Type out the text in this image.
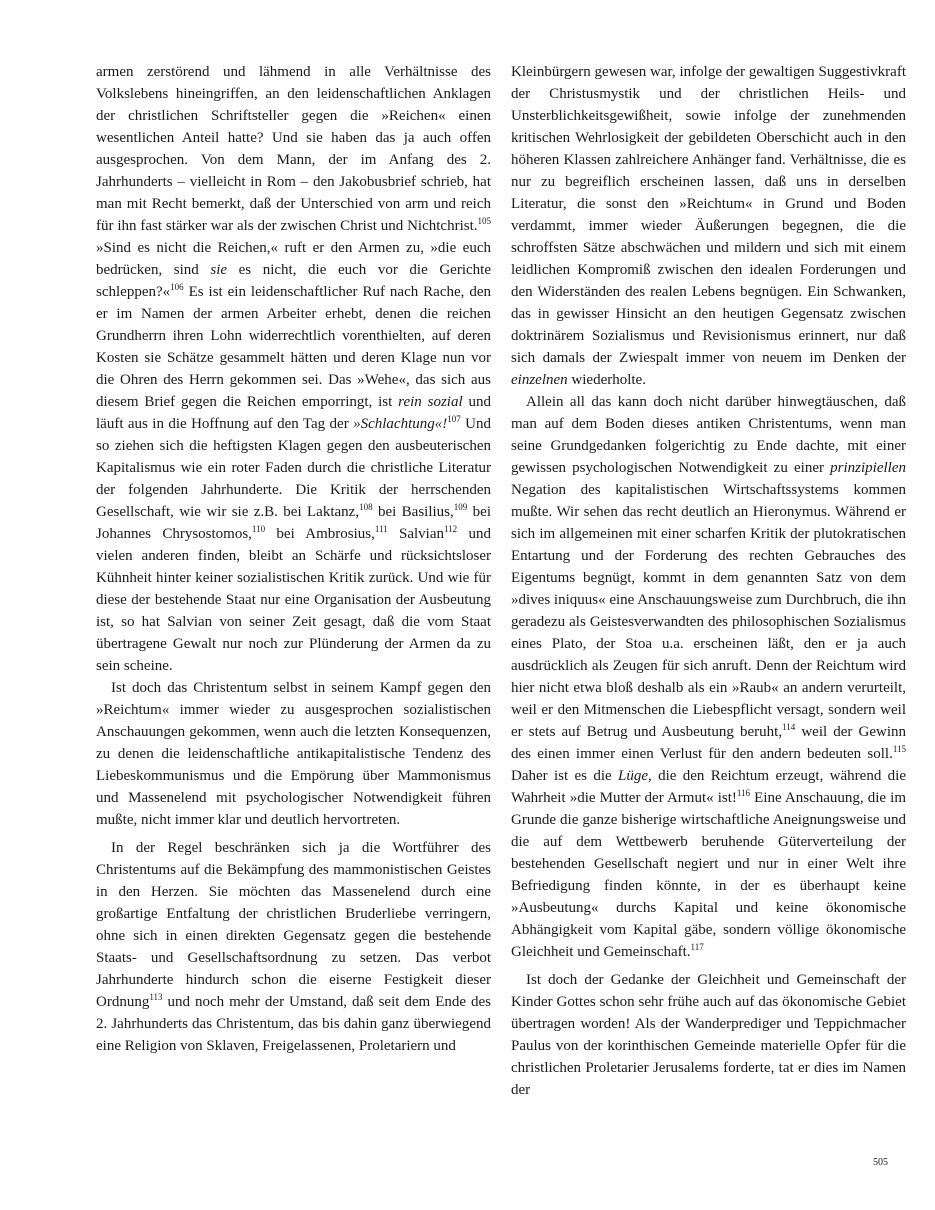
armen zerstörend und lähmend in alle Verhältnisse des Volkslebens hineingriffen, an den leidenschaftlichen Anklagen der christlichen Schriftsteller gegen die »Reichen« einen wesentlichen Anteil hatte? Und sie haben das ja auch offen ausgesprochen. Von dem Mann, der im Anfang des 2. Jahrhunderts – vielleicht in Rom – den Jakobusbrief schrieb, hat man mit Recht bemerkt, daß der Unterschied von arm und reich für ihn fast stärker war als der zwischen Christ und Nichtchrist.$^{105}$ »Sind es nicht die Reichen,« ruft er den Armen zu, »die euch bedrücken, sind sie es nicht, die euch vor die Gerichte schleppen?«$^{106}$ Es ist ein leidenschaftlicher Ruf nach Rache, den er im Namen der armen Arbeiter erhebt, denen die reichen Grundherrn ihren Lohn widerrechtlich vorenthielten, auf deren Kosten sie Schätze gesammelt hätten und deren Klage nun vor die Ohren des Herrn gekommen sei. Das »Wehe«, das sich aus diesem Brief gegen die Reichen emporringt, ist rein sozial und läuft aus in die Hoffnung auf den Tag der »Schlachtung«!$^{107}$ Und so ziehen sich die heftigsten Klagen gegen den ausbeuterischen Kapitalismus wie ein roter Faden durch die christliche Literatur der folgenden Jahrhunderte. Die Kritik der herrschenden Gesellschaft, wie wir sie z.B. bei Laktanz,$^{108}$ bei Basilius,$^{109}$ bei Johannes Chrysostomos,$^{110}$ bei Ambrosius,$^{111}$ Salvian$^{112}$ und vielen anderen finden, bleibt an Schärfe und rücksichtsloser Kühnheit hinter keiner sozialistischen Kritik zurück. Und wie für diese der bestehende Staat nur eine Organisation der Ausbeutung ist, so hat Salvian von seiner Zeit gesagt, daß die vom Staat übertragene Gewalt nur noch zur Plünderung der Armen da zu sein scheine.

Ist doch das Christentum selbst in seinem Kampf gegen den »Reichtum« immer wieder zu ausgesprochen sozialistischen Anschauungen gekommen, wenn auch die letzten Konsequenzen, zu denen die leidenschaftliche antikapitalistische Tendenz des Liebeskommunismus und die Empörung über Mammonismus und Massenelend mit psychologischer Notwendigkeit führen mußte, nicht immer klar und deutlich hervortreten.

In der Regel beschränken sich ja die Wortführer des Christentums auf die Bekämpfung des mammonistischen Geistes in den Herzen. Sie möchten das Massenelend durch eine großartige Entfaltung der christlichen Bruderliebe verringern, ohne sich in einen direkten Gegensatz gegen die bestehende Staats- und Gesellschaftsordnung zu setzen. Das verbot Jahrhunderte hindurch schon die eiserne Festigkeit dieser Ordnung$^{113}$ und noch mehr der Umstand, daß seit dem Ende des 2. Jahrhunderts das Christentum, das bis dahin ganz überwiegend eine Religion von Sklaven, Freigelassenen, Proletariern und

Kleinbürgern gewesen war, infolge der gewaltigen Suggestivkraft der Christusmystik und der christlichen Heils- und Unsterblichkeitsgewißheit, sowie infolge der zunehmenden kritischen Wehrlosigkeit der gebildeten Oberschicht auch in den höheren Klassen zahlreichere Anhänger fand. Verhältnisse, die es nur zu begreiflich erscheinen lassen, daß uns in derselben Literatur, die sonst den »Reichtum« in Grund und Boden verdammt, immer wieder Äußerungen begegnen, die die schroffsten Sätze abschwächen und mildern und sich mit einem leidlichen Kompromiß zwischen den idealen Forderungen und den Widerständen des realen Lebens begnügen. Ein Schwanken, das in gewisser Hinsicht an den heutigen Gegensatz zwischen doktrinärem Sozialismus und Revisionismus erinnert, nur daß sich damals der Zwiespalt immer von neuem im Denken der einzelnen wiederholte.

Allein all das kann doch nicht darüber hinwegtäuschen, daß man auf dem Boden dieses antiken Christentums, wenn man seine Grundgedanken folgerichtig zu Ende dachte, mit einer gewissen psychologischen Notwendigkeit zu einer prinzipiellen Negation des kapitalistischen Wirtschaftssystems kommen mußte. Wir sehen das recht deutlich an Hieronymus. Während er sich im allgemeinen mit einer scharfen Kritik der plutokratischen Entartung und der Forderung des rechten Gebrauches des Eigentums begnügt, kommt in dem genannten Satz von dem »dives iniquus« eine Anschauungsweise zum Durchbruch, die ihn geradezu als Geistesverwandten des philosophischen Sozialismus eines Plato, der Stoa u.a. erscheinen läßt, den er ja auch ausdrücklich als Zeugen für sich anruft. Denn der Reichtum wird hier nicht etwa bloß deshalb als ein »Raub« an andern verurteilt, weil er den Mitmenschen die Liebespflicht versagt, sondern weil er stets auf Betrug und Ausbeutung beruht,$^{114}$ weil der Gewinn des einen immer einen Verlust für den andern bedeuten soll.$^{115}$ Daher ist es die Lüge, die den Reichtum erzeugt, während die Wahrheit »die Mutter der Armut« ist!$^{116}$ Eine Anschauung, die im Grunde die ganze bisherige wirtschaftliche Aneignungsweise und die auf dem Wettbewerb beruhende Güterverteilung der bestehenden Gesellschaft negiert und nur in einer Welt ihre Befriedigung finden könnte, in der es überhaupt keine »Ausbeutung« durchs Kapital und keine ökonomische Abhängigkeit vom Kapital gäbe, sondern völlige ökonomische Gleichheit und Gemeinschaft.$^{117}$

Ist doch der Gedanke der Gleichheit und Gemeinschaft der Kinder Gottes schon sehr frühe auch auf das ökonomische Gebiet übertragen worden! Als der Wanderprediger und Teppichmacher Paulus von der korinthischen Gemeinde materielle Opfer für die christlichen Proletarier Jerusalems forderte, tat er dies im Namen der

505
